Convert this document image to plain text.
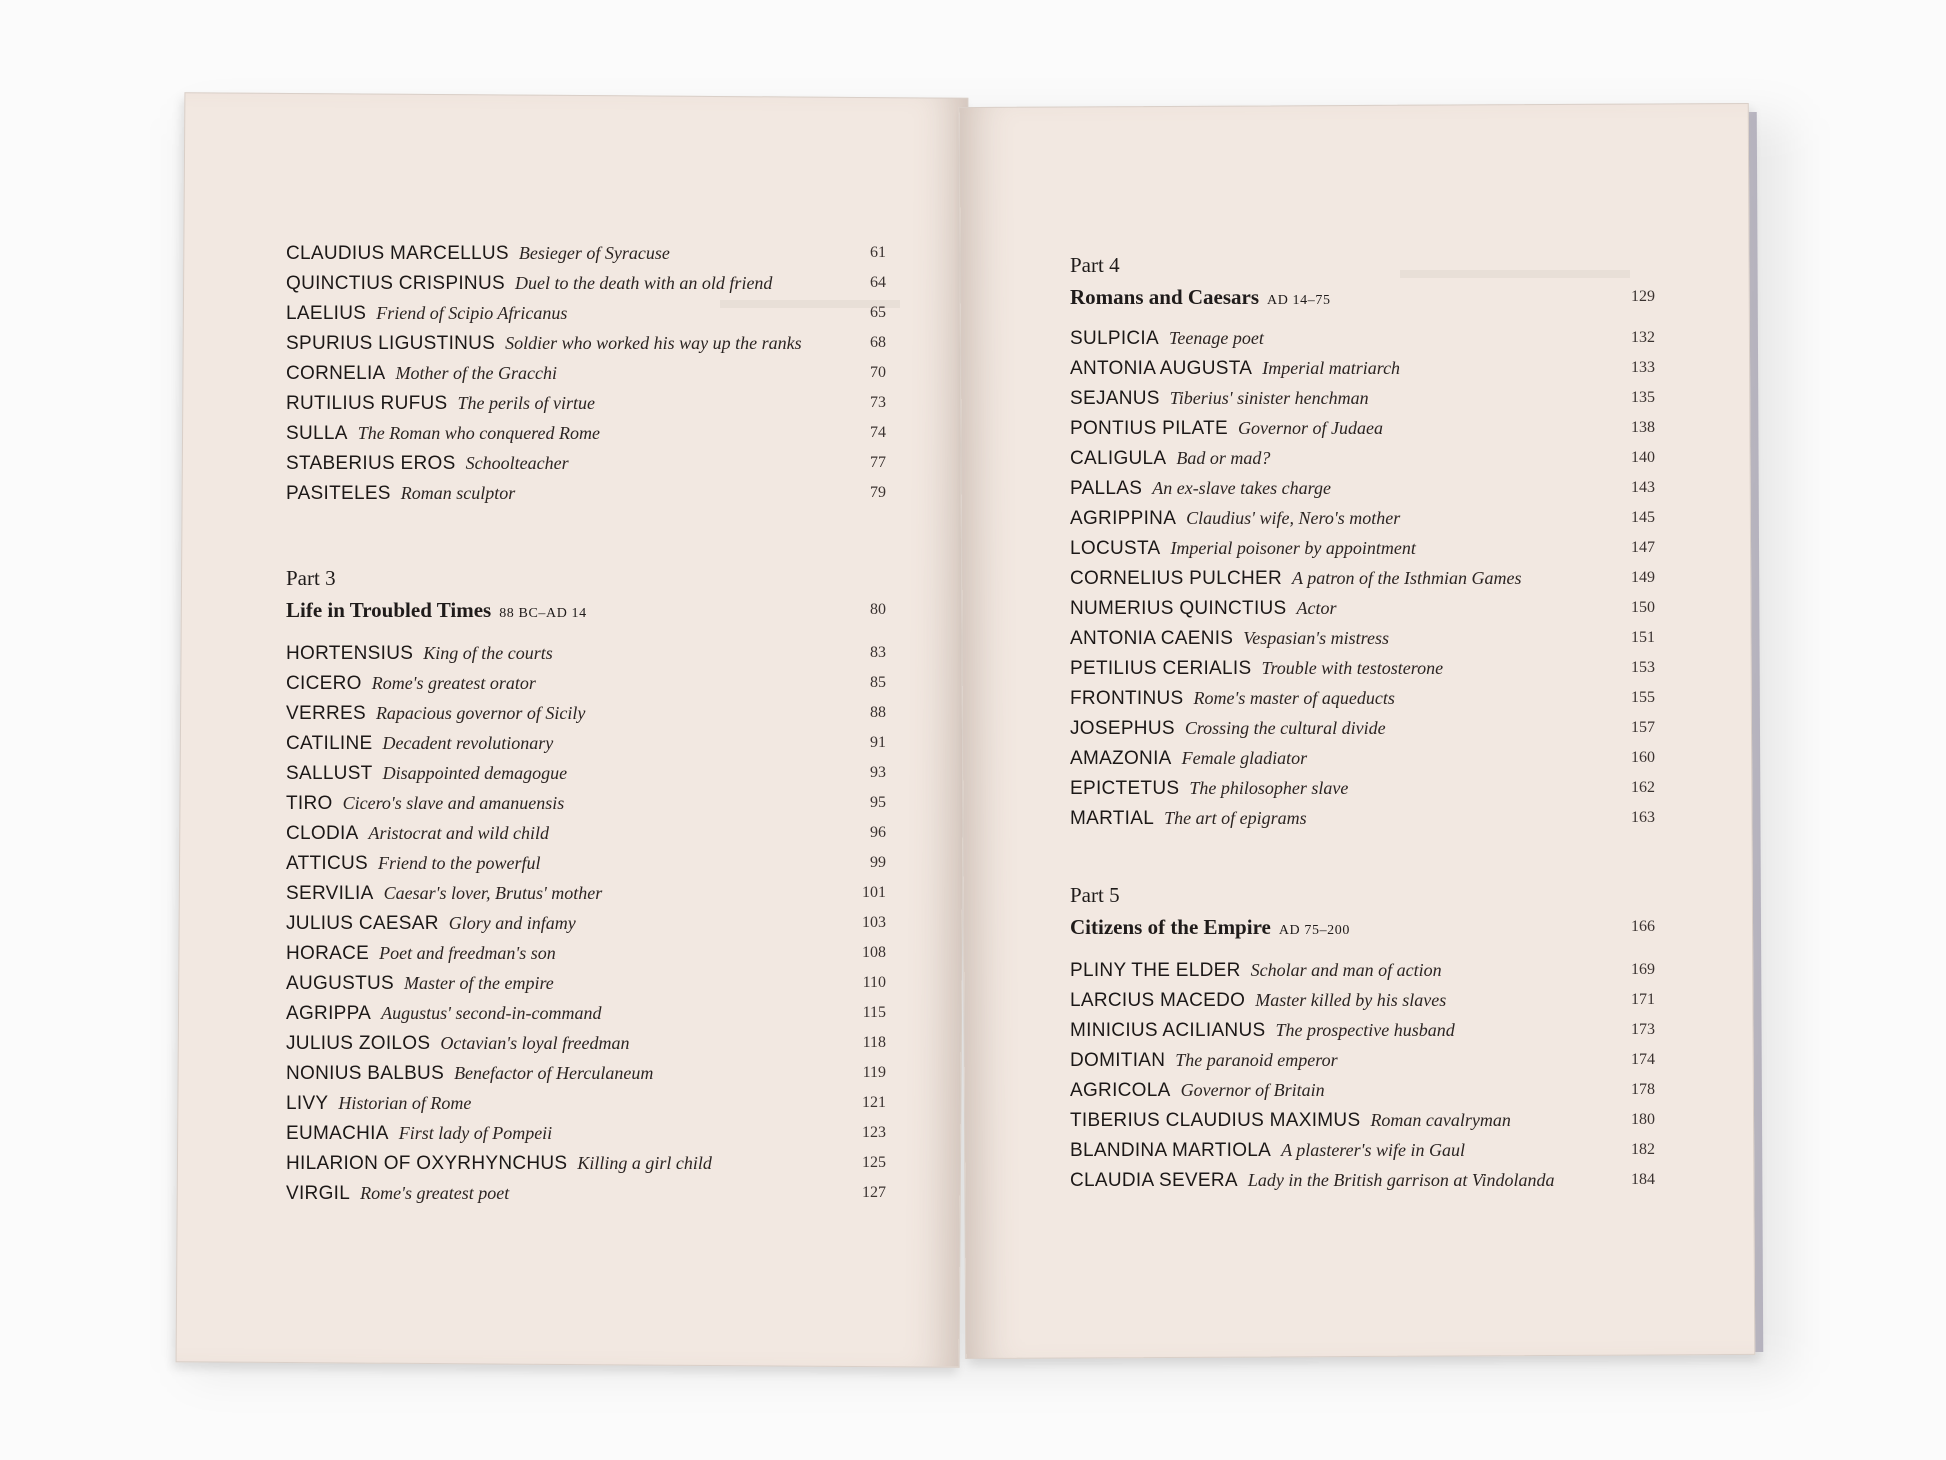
CLAUDIUS MARCELLUS Besieger of Syracuse	61
QUINCTIUS CRISPINUS Duel to the death with an old friend	64
LAELIUS Friend of Scipio Africanus	65
SPURIUS LIGUSTINUS Soldier who worked his way up the ranks	68
CORNELIA Mother of the Gracchi	70
RUTILIUS RUFUS The perils of virtue	73
SULLA The Roman who conquered Rome	74
STABERIUS EROS Schoolteacher	77
PASITELES Roman sculptor	79
Part 3
Life in Troubled Times 88 BC–AD 14	80
HORTENSIUS King of the courts	83
CICERO Rome's greatest orator	85
VERRES Rapacious governor of Sicily	88
CATILINE Decadent revolutionary	91
SALLUST Disappointed demagogue	93
TIRO Cicero's slave and amanuensis	95
CLODIA Aristocrat and wild child	96
ATTICUS Friend to the powerful	99
SERVILIA Caesar's lover, Brutus' mother	101
JULIUS CAESAR Glory and infamy	103
HORACE Poet and freedman's son	108
AUGUSTUS Master of the empire	110
AGRIPPA Augustus' second-in-command	115
JULIUS ZOILOS Octavian's loyal freedman	118
NONIUS BALBUS Benefactor of Herculaneum	119
LIVY Historian of Rome	121
EUMACHIA First lady of Pompeii	123
HILARION OF OXYRHYNCHUS Killing a girl child	125
VIRGIL Rome's greatest poet	127
Part 4
Romans and Caesars AD 14–75	129
SULPICIA Teenage poet	132
ANTONIA AUGUSTA Imperial matriarch	133
SEJANUS Tiberius' sinister henchman	135
PONTIUS PILATE Governor of Judaea	138
CALIGULA Bad or mad?	140
PALLAS An ex-slave takes charge	143
AGRIPPINA Claudius' wife, Nero's mother	145
LOCUSTA Imperial poisoner by appointment	147
CORNELIUS PULCHER A patron of the Isthmian Games	149
NUMERIUS QUINCTIUS Actor	150
ANTONIA CAENIS Vespasian's mistress	151
PETILIUS CERIALIS Trouble with testosterone	153
FRONTINUS Rome's master of aqueducts	155
JOSEPHUS Crossing the cultural divide	157
AMAZONIA Female gladiator	160
EPICTETUS The philosopher slave	162
MARTIAL The art of epigrams	163
Part 5
Citizens of the Empire AD 75–200	166
PLINY THE ELDER Scholar and man of action	169
LARCIUS MACEDO Master killed by his slaves	171
MINICIUS ACILIANUS The prospective husband	173
DOMITIAN The paranoid emperor	174
AGRICOLA Governor of Britain	178
TIBERIUS CLAUDIUS MAXIMUS Roman cavalryman	180
BLANDINA MARTIOLA A plasterer's wife in Gaul	182
CLAUDIA SEVERA Lady in the British garrison at Vindolanda	184
